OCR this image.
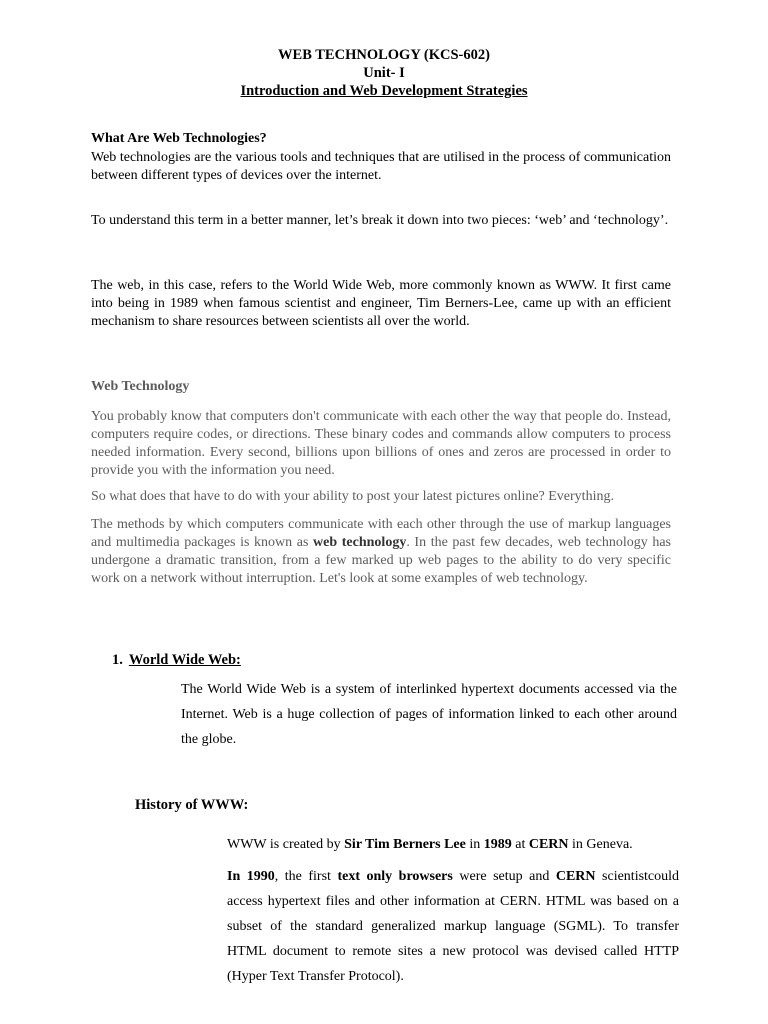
WEB TECHNOLOGY (KCS-602)
Unit- I
Introduction and Web Development Strategies
What Are Web Technologies?
Web technologies are the various tools and techniques that are utilised in the process of communication between different types of devices over the internet.
To understand this term in a better manner, let’s break it down into two pieces: ‘web’ and ‘technology’.
The web, in this case, refers to the World Wide Web, more commonly known as WWW. It first came into being in 1989 when famous scientist and engineer, Tim Berners-Lee, came up with an efficient mechanism to share resources between scientists all over the world.
Web Technology
You probably know that computers don't communicate with each other the way that people do. Instead, computers require codes, or directions. These binary codes and commands allow computers to process needed information. Every second, billions upon billions of ones and zeros are processed in order to provide you with the information you need.
So what does that have to do with your ability to post your latest pictures online? Everything.
The methods by which computers communicate with each other through the use of markup languages and multimedia packages is known as web technology. In the past few decades, web technology has undergone a dramatic transition, from a few marked up web pages to the ability to do very specific work on a network without interruption. Let's look at some examples of web technology.
1. World Wide Web:
The World Wide Web is a system of interlinked hypertext documents accessed via the Internet. Web is a huge collection of pages of information linked to each other around the globe.
History of WWW:
WWW is created by Sir Tim Berners Lee in 1989 at CERN in Geneva.
In 1990, the first text only browsers were setup and CERN scientistcould access hypertext files and other information at CERN. HTML was based on a subset of the standard generalized markup language (SGML). To transfer HTML document to remote sites a new protocol was devised called HTTP (Hyper Text Transfer Protocol).
